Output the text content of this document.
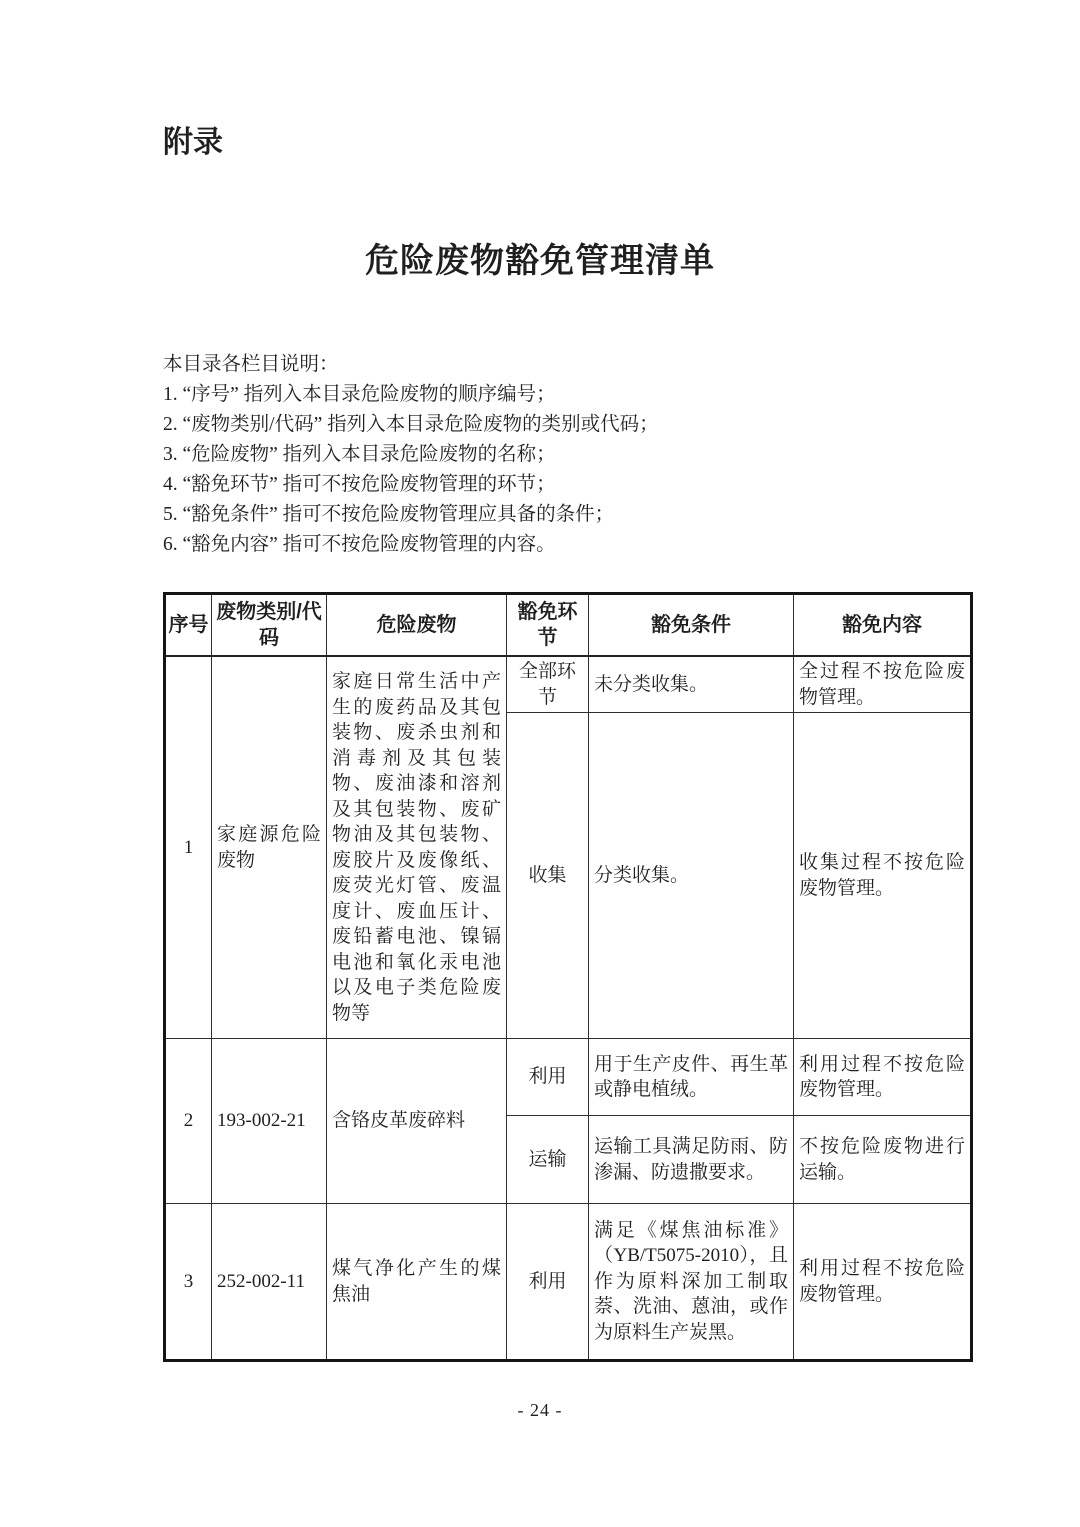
附录
危险废物豁免管理清单

本目录各栏目说明：

1. “序号” 指列入本目录危险废物的顺序编号；

2. “废物类别/代码” 指列入本目录危险废物的类别或代码；

3. “危险废物” 指列入本目录危险废物的名称；

4. “豁免环节” 指可不按危险废物管理的环节；

5. “豁免条件” 指可不按危险废物管理应具备的条件；

6. “豁免内容” 指可不按危险废物管理的内容。

序号	废物类别/代码	危险废物	豁免环节	豁免条件	豁免内容
1	家庭源危险废物	家庭日常生活中产生的废药品及其包装物、废杀虫剂和消毒剂及其包装物、废油漆和溶剂及其包装物、废矿物油及其包装物、废胶片及废像纸、废荧光灯管、废温度计、废血压计、废铅蓄电池、镍镉电池和氧化汞电池以及电子类危险废物等	全部环节	未分类收集。	全过程不按危险废物管理。
			收集	分类收集。	收集过程不按危险废物管理。
2	193-002-21	含铬皮革废碎料	利用	用于生产皮件、再生革或静电植绒。	利用过程不按危险废物管理。
			运输	运输工具满足防雨、防渗漏、防遗撒要求。	不按危险废物进行运输。
3	252-002-11	煤气净化产生的煤焦油	利用	满足《煤焦油标准》（YB/T5075-2010），且作为原料深加工制取萘、洗油、蒽油，或作为原料生产炭黑。	利用过程不按危险废物管理。
- 24 -
